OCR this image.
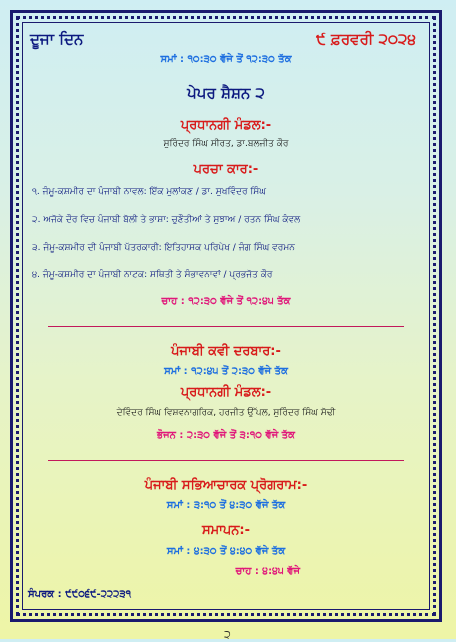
ਦੂਜਾ ਦਿਨ	੯ ਫ਼ਰਵਰੀ ੨੦੨੪
ਸਮਾਂ : ੧੦:੩੦ ਵੱਜੇ ਤੋਂ ੧੨:੩੦ ਤੱਕ
ਪੇਪਰ ਸ਼ੈਸ਼ਨ ੨
ਪ੍ਰਧਾਨਗੀ ਮੰਡਲ:-
ਸੁਰਿੰਦਰ ਸਿੰਘ ਸੀਰਤ, ਡਾ.ਬਲਜੀਤ ਕੌਰ
ਪਰਚਾ ਕਾਰ:-
੧. ਜੰਮੂ-ਕਸ਼ਮੀਰ ਦਾ ਪੰਜਾਬੀ ਨਾਵਲ: ਇੱਕ ਮੁਲਾਂਕਣ / ਡਾ. ਸੁਖਵਿੰਦਰ ਸਿੰਘ
੨. ਅਜੋਕੇ ਦੌਰ ਵਿਚ ਪੰਜਾਬੀ ਬੋਲੀ ਤੇ ਭਾਸ਼ਾ: ਚੁਣੌਤੀਆਂ ਤੇ ਸੁਝਾਅ / ਰਤਨ ਸਿੰਘ ਕੰਵਲ
੩. ਜੰਮੂ-ਕਸ਼ਮੀਰ ਦੀ ਪੰਜਾਬੀ ਪੱਤਰਕਾਰੀ: ਇਤਿਹਾਸਕ ਪਰਿਪੇਖ / ਜੰਗ ਸਿੰਘ ਵਰਮਨ
੪. ਜੰਮੂ-ਕਸ਼ਮੀਰ ਦਾ ਪੰਜਾਬੀ ਨਾਟਕ: ਸਥਿਤੀ ਤੇ ਸੰਭਾਵਨਾਵਾਂ / ਪ੍ਰਭਜੋਤ ਕੌਰ
ਚਾਹ : ੧੨:੩੦ ਵੱਜੇ ਤੋਂ ੧੨:੪੫ ਤੱਕ
ਪੰਜਾਬੀ ਕਵੀ ਦਰਬਾਰ:-
ਸਮਾਂ : ੧੨:੪੫ ਤੋਂ ੨:੩੦ ਵੱਜੇ ਤੱਕ
ਪ੍ਰਧਾਨਗੀ ਮੰਡਲ:-
ਦੇਵਿੰਦਰ ਸਿੰਘ ਵਿਸ਼ਵਨਾਗਰਿਕ, ਹਰਜੀਤ ਉੱਪਲ, ਸੁਰਿੰਦਰ ਸਿੰਘ ਸੋਢੀ
ਭੋਜਨ : ੨:੩੦ ਵੱਜੇ ਤੋਂ ੩:੧੦ ਵੱਜੇ ਤੱਕ
ਪੰਜਾਬੀ ਸਭਿਆਚਾਰਕ ਪ੍ਰੋਗਰਾਮ:-
ਸਮਾਂ : ੩:੧੦ ਤੋਂ ੪:੩੦ ਵੱਜੇ ਤੱਕ
ਸਮਾਪਨ:-
ਸਮਾਂ : ੪:੩੦ ਤੋਂ ੪:੪੦ ਵੱਜੇ ਤੱਕ
ਚਾਹ : ੪:੪੫ ਵੱਜੇ
ਸੰਪਰਕ : ੯੯੦੬੯-੨੨੨੩੧
੨
